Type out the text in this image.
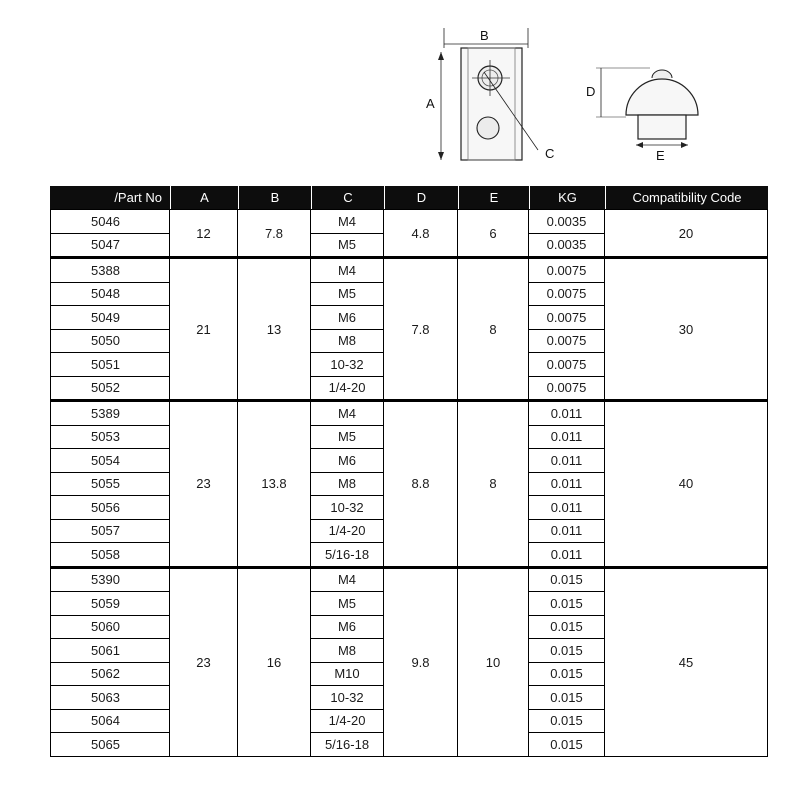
B
A
C
D
E
/Part No	A	B	C	D	E	KG	Compatibility Code
5046	12	7.8	M4	4.8	6	0.0035	20
5047			M5			0.0035	
5388	21	13	M4	7.8	8	0.0075	30
5048			M5			0.0075	
5049			M6			0.0075	
5050			M8			0.0075	
5051			10-32			0.0075	
5052			1/4-20			0.0075	
5389	23	13.8	M4	8.8	8	0.011	40
5053			M5			0.011	
5054			M6			0.011	
5055			M8			0.011	
5056			10-32			0.011	
5057			1/4-20			0.011	
5058			5/16-18			0.011	
5390	23	16	M4	9.8	10	0.015	45
5059			M5			0.015	
5060			M6			0.015	
5061			M8			0.015	
5062			M10			0.015	
5063			10-32			0.015	
5064			1/4-20			0.015	
5065			5/16-18			0.015	
